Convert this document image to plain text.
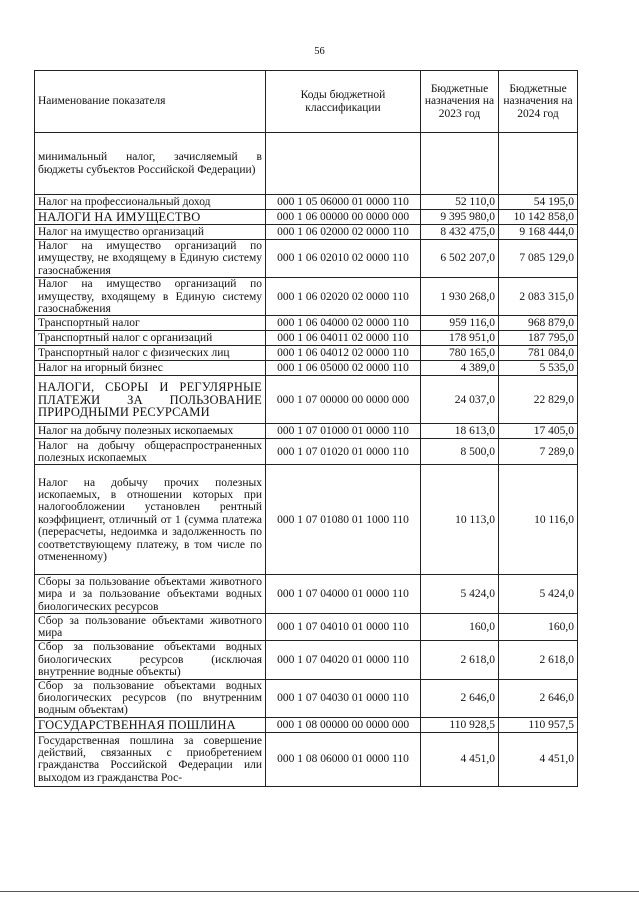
56
Наименование показателя	Коды бюджетной классификации	Бюджетные назначения на 2023 год	Бюджетные назначения на 2024 год
минимальный налог, зачисляемый в бюджеты субъектов Российской Федерации)			
Налог на профессиональный доход	000 1 05 06000 01 0000 110	52 110,0	54 195,0
НАЛОГИ НА ИМУЩЕСТВО	000 1 06 00000 00 0000 000	9 395 980,0	10 142 858,0
Налог на имущество организаций	000 1 06 02000 02 0000 110	8 432 475,0	9 168 444,0
Налог на имущество организаций по имуществу, не входящему в Единую систему газоснабжения	000 1 06 02010 02 0000 110	6 502 207,0	7 085 129,0
Налог на имущество организаций по имуществу, входящему в Единую систему газоснабжения	000 1 06 02020 02 0000 110	1 930 268,0	2 083 315,0
Транспортный налог	000 1 06 04000 02 0000 110	959 116,0	968 879,0
Транспортный налог с организаций	000 1 06 04011 02 0000 110	178 951,0	187 795,0
Транспортный налог с физических лиц	000 1 06 04012 02 0000 110	780 165,0	781 084,0
Налог на игорный бизнес	000 1 06 05000 02 0000 110	4 389,0	5 535,0
НАЛОГИ, СБОРЫ И РЕГУЛЯРНЫЕ ПЛАТЕЖИ ЗА ПОЛЬЗОВАНИЕ ПРИРОДНЫМИ РЕСУРСАМИ	000 1 07 00000 00 0000 000	24 037,0	22 829,0
Налог на добычу полезных ископаемых	000 1 07 01000 01 0000 110	18 613,0	17 405,0
Налог на добычу общераспространенных полезных ископаемых	000 1 07 01020 01 0000 110	8 500,0	7 289,0
Налог на добычу прочих полезных ископаемых, в отношении которых при налогообложении установлен рентный коэффициент, отличный от 1 (сумма платежа (перерасчеты, недоимка и задолженность по соответствующему платежу, в том числе по отмененному)	000 1 07 01080 01 1000 110	10 113,0	10 116,0
Сборы за пользование объектами животного мира и за пользование объектами водных биологических ресурсов	000 1 07 04000 01 0000 110	5 424,0	5 424,0
Сбор за пользование объектами животного мира	000 1 07 04010 01 0000 110	160,0	160,0
Сбор за пользование объектами водных биологических ресурсов (исключая внутренние водные объекты)	000 1 07 04020 01 0000 110	2 618,0	2 618,0
Сбор за пользование объектами водных биологических ресурсов (по внутренним водным объектам)	000 1 07 04030 01 0000 110	2 646,0	2 646,0
ГОСУДАРСТВЕННАЯ ПОШЛИНА	000 1 08 00000 00 0000 000	110 928,5	110 957,5
Государственная пошлина за совершение действий, связанных с приобретением гражданства Российской Федерации или выходом из гражданства Рос-	000 1 08 06000 01 0000 110	4 451,0	4 451,0
